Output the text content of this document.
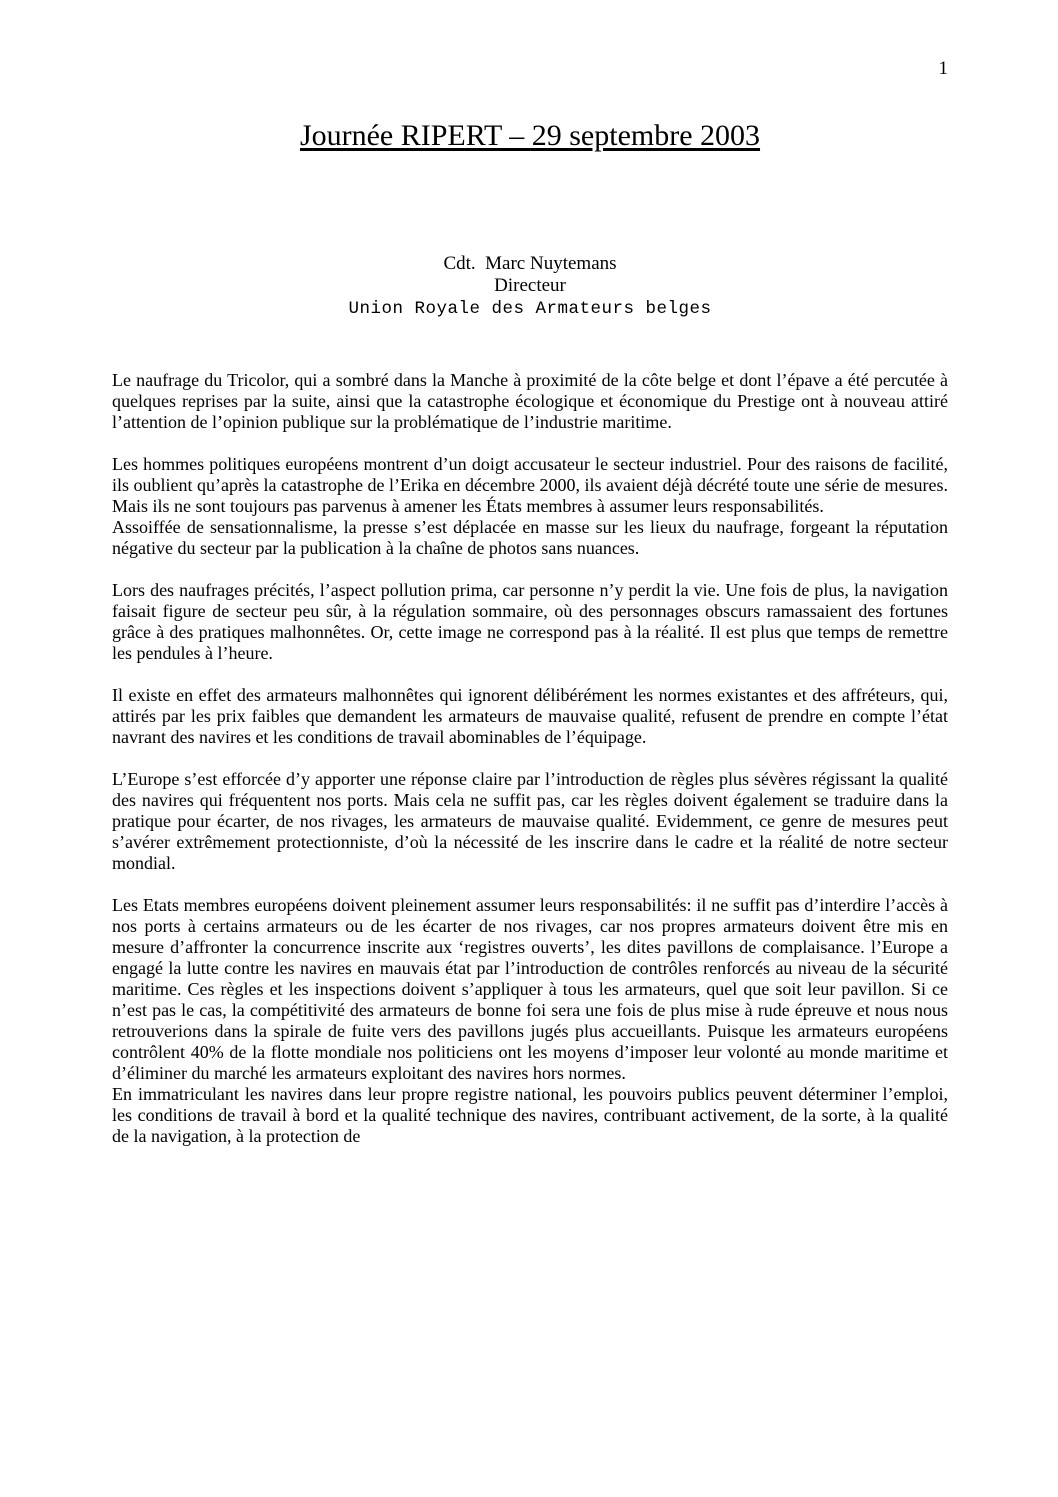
1
Journée RIPERT – 29 septembre 2003
Cdt.  Marc Nuytemans
Directeur
Union Royale des Armateurs belges

Le naufrage du Tricolor, qui a sombré dans la Manche à proximité de la côte belge et dont l’épave a été percutée à quelques reprises par la suite, ainsi que la catastrophe écologique et économique du Prestige ont à nouveau attiré l’attention de l’opinion publique sur la problématique de l’industrie maritime.

Les hommes politiques européens montrent d’un doigt accusateur le secteur industriel. Pour des raisons de facilité, ils oublient qu’après la catastrophe de l’Erika en décembre 2000, ils avaient déjà décrété toute une série de mesures. Mais ils ne sont toujours pas parvenus à amener les États membres à assumer leurs responsabilités.

Assoiffée de sensationnalisme, la presse s’est déplacée en masse sur les lieux du naufrage, forgeant la réputation négative du secteur par la publication à la chaîne de photos sans nuances.

Lors des naufrages précités, l’aspect pollution prima, car personne n’y perdit la vie. Une fois de plus, la navigation faisait figure de secteur peu sûr, à la régulation sommaire, où des personnages obscurs ramassaient des fortunes grâce à des pratiques malhonnêtes. Or, cette image ne correspond pas à la réalité. Il est plus que temps de remettre les pendules à l’heure.

Il existe en effet des armateurs malhonnêtes qui ignorent délibérément les normes existantes et des affréteurs, qui, attirés par les prix faibles que demandent les armateurs de mauvaise qualité, refusent de prendre en compte l’état navrant des navires et les conditions de travail abominables de l’équipage.

L’Europe s’est efforcée d’y apporter une réponse claire par l’introduction de règles plus sévères régissant la qualité des navires qui fréquentent nos ports. Mais cela ne suffit pas, car les règles doivent également se traduire dans la pratique pour écarter, de nos rivages, les armateurs de mauvaise qualité. Evidemment, ce genre de mesures peut s’avérer extrêmement protectionniste, d’où la nécessité de les inscrire dans le cadre et la réalité de notre secteur mondial.

Les Etats membres européens doivent pleinement assumer leurs responsabilités: il ne suffit pas d’interdire l’accès à nos ports à certains armateurs ou de les écarter de nos rivages, car nos propres armateurs doivent être mis en mesure d’affronter la concurrence inscrite aux ‘registres ouverts’, les dites pavillons de complaisance. l’Europe a engagé la lutte contre les navires en mauvais état par l’introduction de contrôles renforcés au niveau de la sécurité maritime. Ces règles et les inspections doivent s’appliquer à tous les armateurs, quel que soit leur pavillon. Si ce n’est pas le cas, la compétitivité des armateurs de bonne foi sera une fois de plus mise à rude épreuve et nous nous retrouverions dans la spirale de fuite vers des pavillons jugés plus accueillants. Puisque les armateurs européens contrôlent 40% de la flotte mondiale nos politiciens ont les moyens d’imposer leur volonté au monde maritime et d’éliminer du marché les armateurs exploitant des navires hors normes.

En immatriculant les navires dans leur propre registre national, les pouvoirs publics peuvent déterminer l’emploi, les conditions de travail à bord et la qualité technique des navires, contribuant activement, de la sorte, à la qualité de la navigation, à la protection de
